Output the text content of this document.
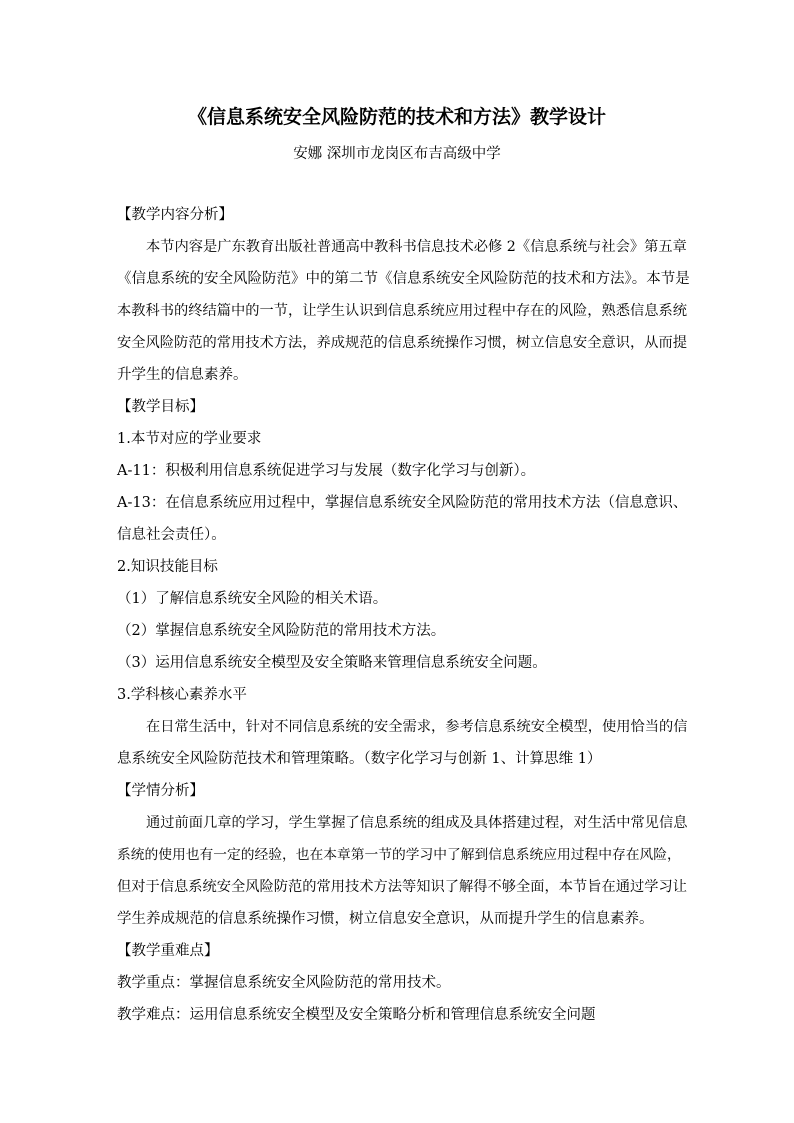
《信息系统安全风险防范的技术和方法》教学设计
安娜 深圳市龙岗区布吉高级中学
【教学内容分析】
本节内容是广东教育出版社普通高中教科书信息技术必修 2《信息系统与社会》第五章
《信息系统的安全风险防范》中的第二节《信息系统安全风险防范的技术和方法》。本节是
本教科书的终结篇中的一节，让学生认识到信息系统应用过程中存在的风险，熟悉信息系统
安全风险防范的常用技术方法，养成规范的信息系统操作习惯，树立信息安全意识，从而提
升学生的信息素养。
【教学目标】
1.本节对应的学业要求
A-11：积极利用信息系统促进学习与发展（数字化学习与创新）。
A-13：在信息系统应用过程中，掌握信息系统安全风险防范的常用技术方法（信息意识、
信息社会责任）。
2.知识技能目标
（1）了解信息系统安全风险的相关术语。
（2）掌握信息系统安全风险防范的常用技术方法。
（3）运用信息系统安全模型及安全策略来管理信息系统安全问题。
3.学科核心素养水平
在日常生活中，针对不同信息系统的安全需求，参考信息系统安全模型，使用恰当的信
息系统安全风险防范技术和管理策略。（数字化学习与创新 1、计算思维 1）
【学情分析】
通过前面几章的学习，学生掌握了信息系统的组成及具体搭建过程，对生活中常见信息
系统的使用也有一定的经验，也在本章第一节的学习中了解到信息系统应用过程中存在风险，
但对于信息系统安全风险防范的常用技术方法等知识了解得不够全面，本节旨在通过学习让
学生养成规范的信息系统操作习惯，树立信息安全意识，从而提升学生的信息素养。
【教学重难点】
教学重点：掌握信息系统安全风险防范的常用技术。
教学难点：运用信息系统安全模型及安全策略分析和管理信息系统安全问题
